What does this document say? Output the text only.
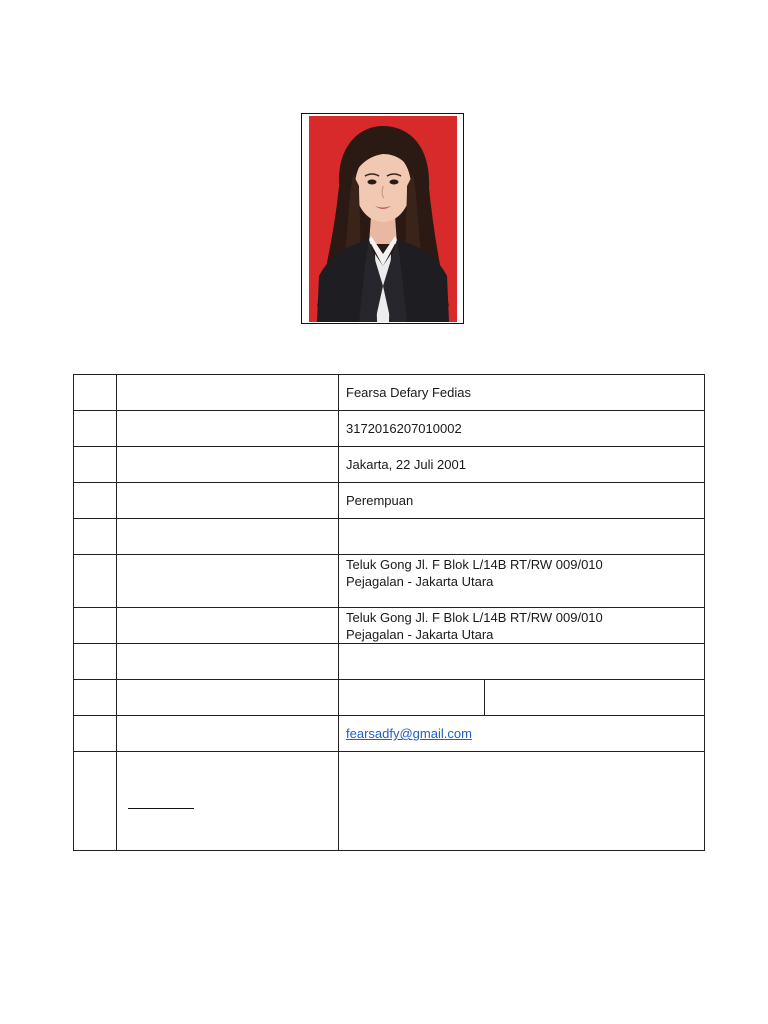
		Fearsa Defary Fedias	
		3172016207010002	
		Jakarta, 22 Juli 2001	
		Perempuan	

		Teluk Gong Jl. F Blok L/14B RT/RW 009/010
Pejagalan - Jakarta Utara	

		Teluk Gong Jl. F Blok L/14B RT/RW 009/010
Pejagalan - Jakarta Utara	

		fearsadfy@gmail.com	
